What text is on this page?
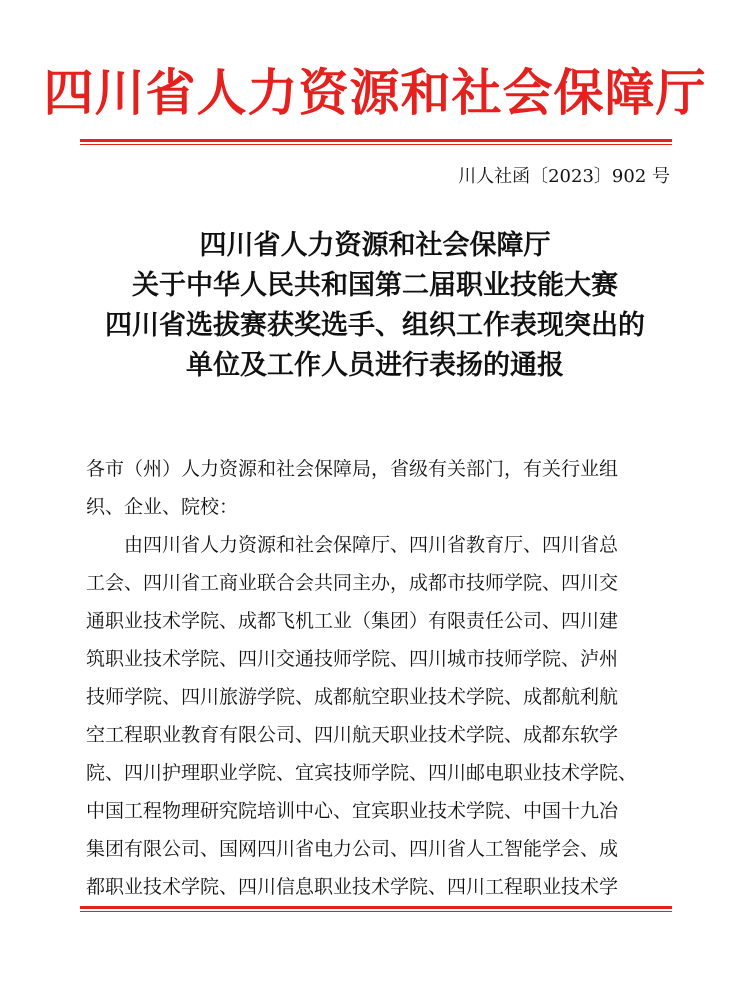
四川省人力资源和社会保障厅
川人社函〔2023〕902 号
四川省人力资源和社会保障厅
关于中华人民共和国第二届职业技能大赛
四川省选拔赛获奖选手、组织工作表现突出的
单位及工作人员进行表扬的通报
各市（州）人力资源和社会保障局，省级有关部门，有关行业组
织、企业、院校：
　　由四川省人力资源和社会保障厅、四川省教育厅、四川省总
工会、四川省工商业联合会共同主办，成都市技师学院、四川交
通职业技术学院、成都飞机工业（集团）有限责任公司、四川建
筑职业技术学院、四川交通技师学院、四川城市技师学院、泸州
技师学院、四川旅游学院、成都航空职业技术学院、成都航利航
空工程职业教育有限公司、四川航天职业技术学院、成都东软学
院、四川护理职业学院、宜宾技师学院、四川邮电职业技术学院、
中国工程物理研究院培训中心、宜宾职业技术学院、中国十九冶
集团有限公司、国网四川省电力公司、四川省人工智能学会、成
都职业技术学院、四川信息职业技术学院、四川工程职业技术学
